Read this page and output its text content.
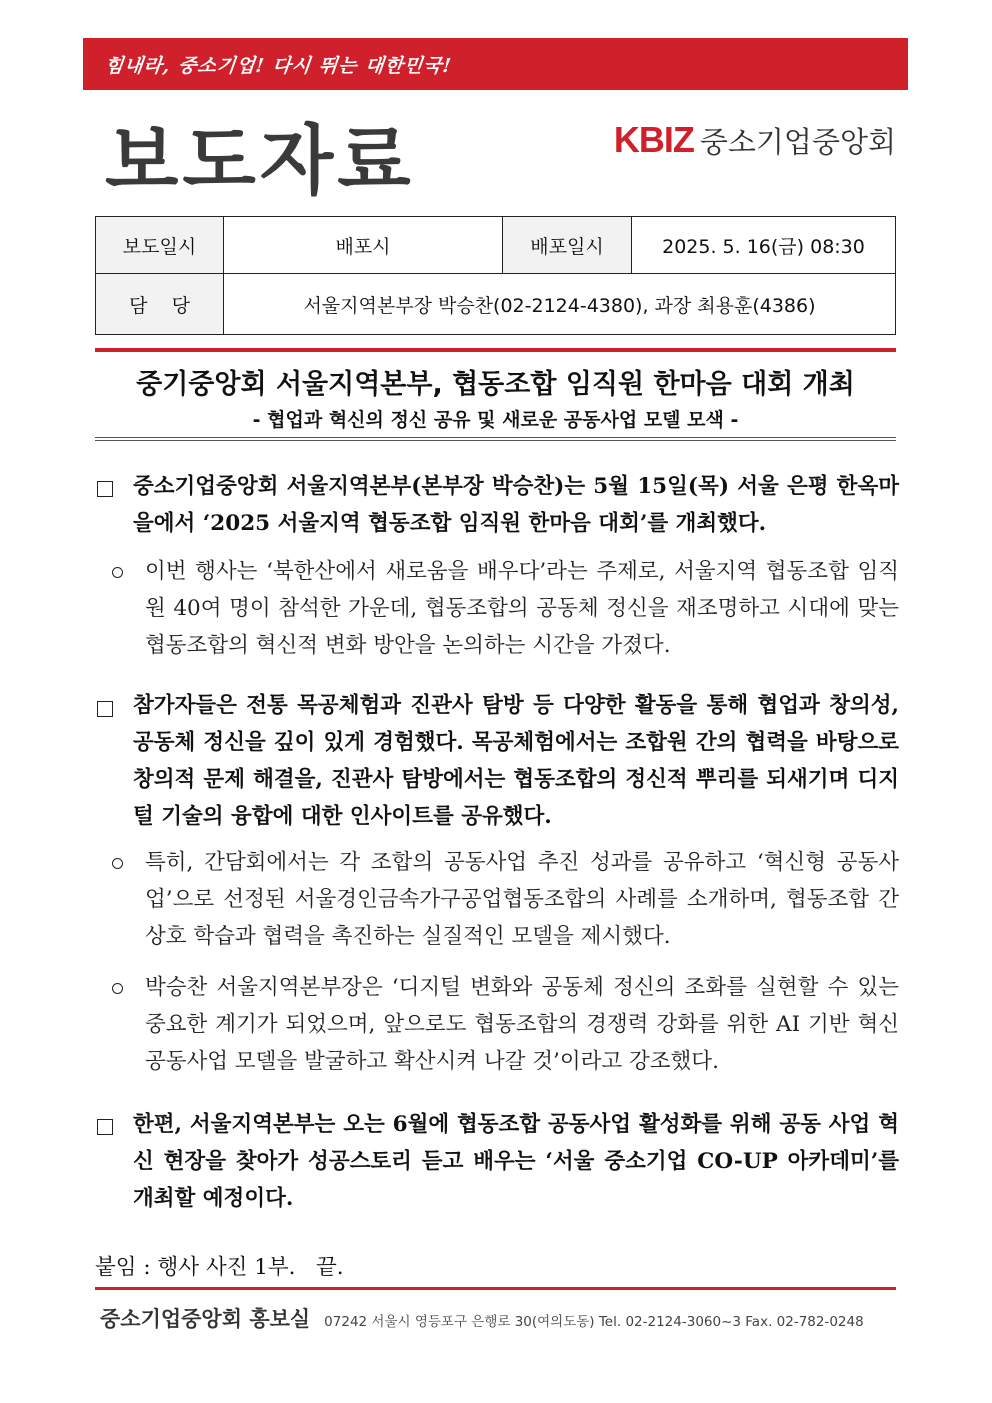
힘내라, 중소기업! 다시 뛰는 대한민국!
보도자료	KBIZ 중소기업중앙회
보도일시	배포시	배포일시	2025. 5. 16(금) 08:30
담    당	서울지역본부장 박승찬(02-2124-4380), 과장 최용훈(4386)		
중기중앙회 서울지역본부, 협동조합 임직원 한마음 대회 개최
- 협업과 혁신의 정신 공유 및 새로운 공동사업 모델 모색 -
중소기업중앙회 서울지역본부(본부장 박승찬)는 5월 15일(목) 서울 은평 한옥마을에서 ‘2025 서울지역 협동조합 임직원 한마음 대회’를 개최했다.
이번 행사는 ‘북한산에서 새로움을 배우다’라는 주제로, 서울지역 협동조합 임직원 40여 명이 참석한 가운데, 협동조합의 공동체 정신을 재조명하고 시대에 맞는 협동조합의 혁신적 변화 방안을 논의하는 시간을 가졌다.
참가자들은 전통 목공체험과 진관사 탐방 등 다양한 활동을 통해 협업과 창의성, 공동체 정신을 깊이 있게 경험했다. 목공체험에서는 조합원 간의 협력을 바탕으로 창의적 문제 해결을, 진관사 탐방에서는 협동조합의 정신적 뿌리를 되새기며 디지털 기술의 융합에 대한 인사이트를 공유했다.
특히, 간담회에서는 각 조합의 공동사업 추진 성과를 공유하고 ‘혁신형 공동사업’으로 선정된 서울경인금속가구공업협동조합의 사례를 소개하며, 협동조합 간 상호 학습과 협력을 촉진하는 실질적인 모델을 제시했다.
박승찬 서울지역본부장은 ‘디지털 변화와 공동체 정신의 조화를 실현할 수 있는 중요한 계기가 되었으며, 앞으로도 협동조합의 경쟁력 강화를 위한 AI 기반 혁신 공동사업 모델을 발굴하고 확산시켜 나갈 것’이라고 강조했다.
한편, 서울지역본부는 오는 6월에 협동조합 공동사업 활성화를 위해 공동 사업 혁신 현장을 찾아가 성공스토리 듣고 배우는 ‘서울 중소기업 CO-UP 아카데미’를 개최할 예정이다.
붙임 : 행사 사진 1부.   끝.
중소기업중앙회 홍보실 07242 서울시 영등포구 은행로 30(여의도동) Tel. 02-2124-3060~3 Fax. 02-782-0248
